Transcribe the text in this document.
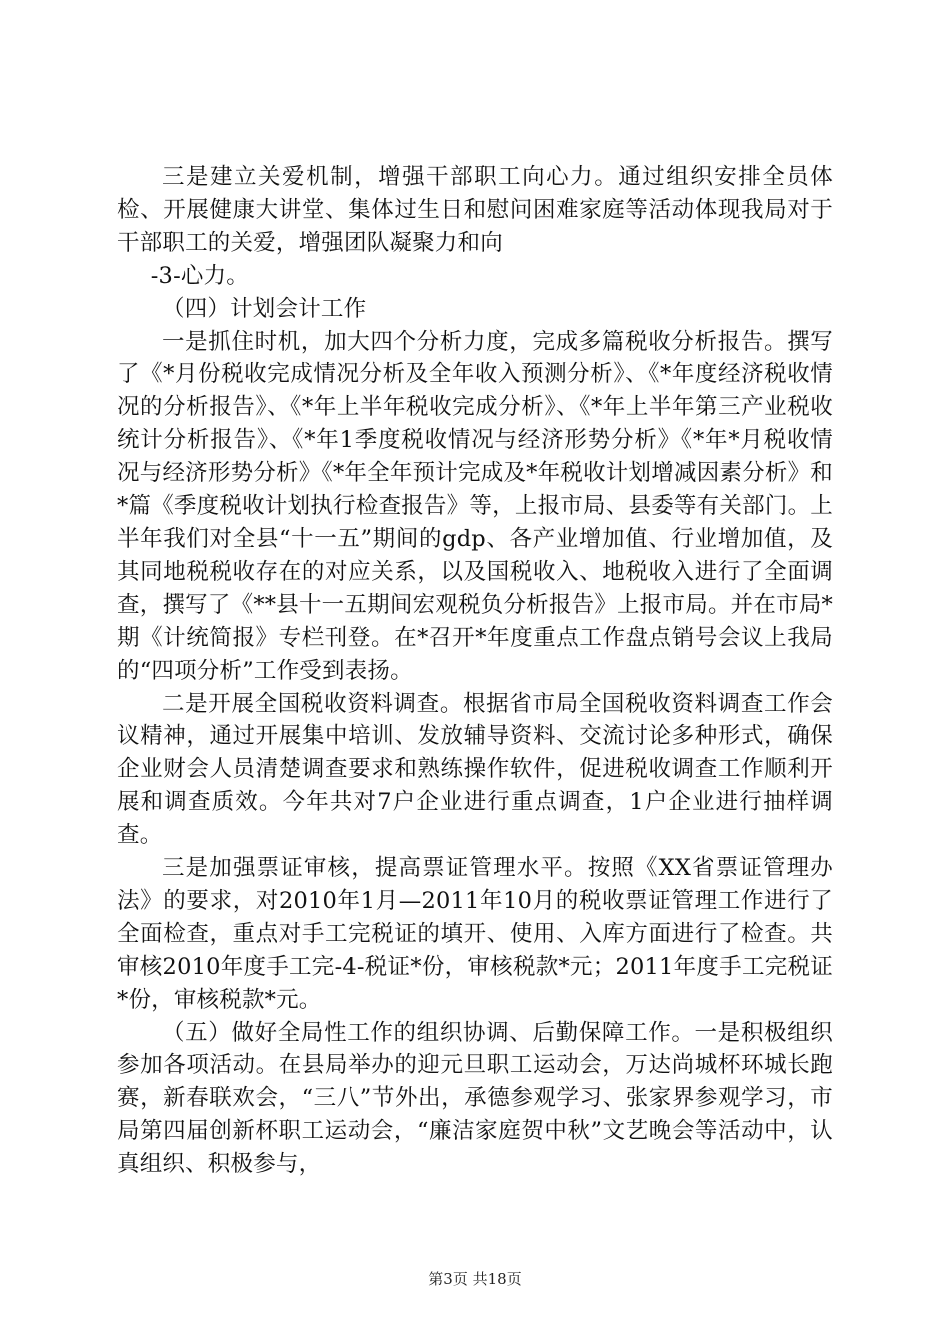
三是建立关爱机制，增强干部职工向心力。通过组织安排全员体检、开展健康大讲堂、集体过生日和慰问困难家庭等活动体现我局对于干部职工的关爱，增强团队凝聚力和向

-3-心力。

（四）计划会计工作

一是抓住时机，加大四个分析力度，完成多篇税收分析报告。撰写了《*月份税收完成情况分析及全年收入预测分析》、《*年度经济税收情况的分析报告》、《*年上半年税收完成分析》、《*年上半年第三产业税收统计分析报告》、《*年1季度税收情况与经济形势分析》《*年*月税收情况与经济形势分析》《*年全年预计完成及*年税收计划增减因素分析》和*篇《季度税收计划执行检查报告》等，上报市局、县委等有关部门。上半年我们对全县“十一五”期间的gdp、各产业增加值、行业增加值，及其同地税税收存在的对应关系，以及国税收入、地税收入进行了全面调查，撰写了《**县十一五期间宏观税负分析报告》上报市局。并在市局*期《计统简报》专栏刊登。在*召开*年度重点工作盘点销号会议上我局的“四项分析”工作受到表扬。

二是开展全国税收资料调查。根据省市局全国税收资料调查工作会议精神，通过开展集中培训、发放辅导资料、交流讨论多种形式，确保企业财会人员清楚调查要求和熟练操作软件，促进税收调查工作顺利开展和调查质效。今年共对7户企业进行重点调查，1户企业进行抽样调查。

三是加强票证审核，提高票证管理水平。按照《XX省票证管理办法》的要求，对2010年1月—2011年10月的税收票证管理工作进行了全面检查，重点对手工完税证的填开、使用、入库方面进行了检查。共审核2010年度手工完-4-税证*份，审核税款*元；2011年度手工完税证*份，审核税款*元。

（五）做好全局性工作的组织协调、后勤保障工作。一是积极组织参加各项活动。在县局举办的迎元旦职工运动会，万达尚城杯环城长跑赛，新春联欢会，“三八”节外出，承德参观学习、张家界参观学习，市局第四届创新杯职工运动会，“廉洁家庭贺中秋”文艺晚会等活动中，认真组织、积极参与，

第3页 共18页
